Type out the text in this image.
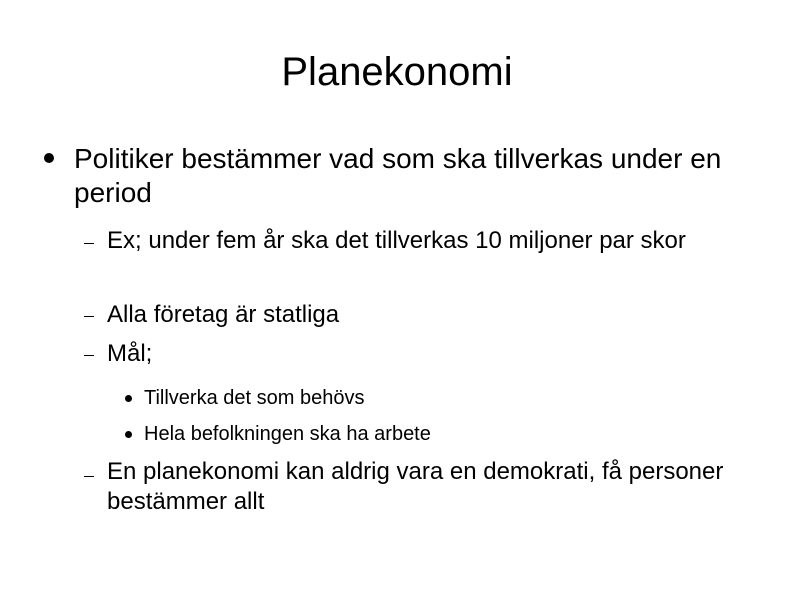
Planekonomi
Politiker bestämmer vad som ska tillverkas under en period
Ex; under fem år ska det tillverkas 10 miljoner par skor
Alla företag är statliga
Mål;
Tillverka det som behövs
Hela befolkningen ska ha arbete
En planekonomi kan aldrig vara en demokrati, få personer bestämmer allt
